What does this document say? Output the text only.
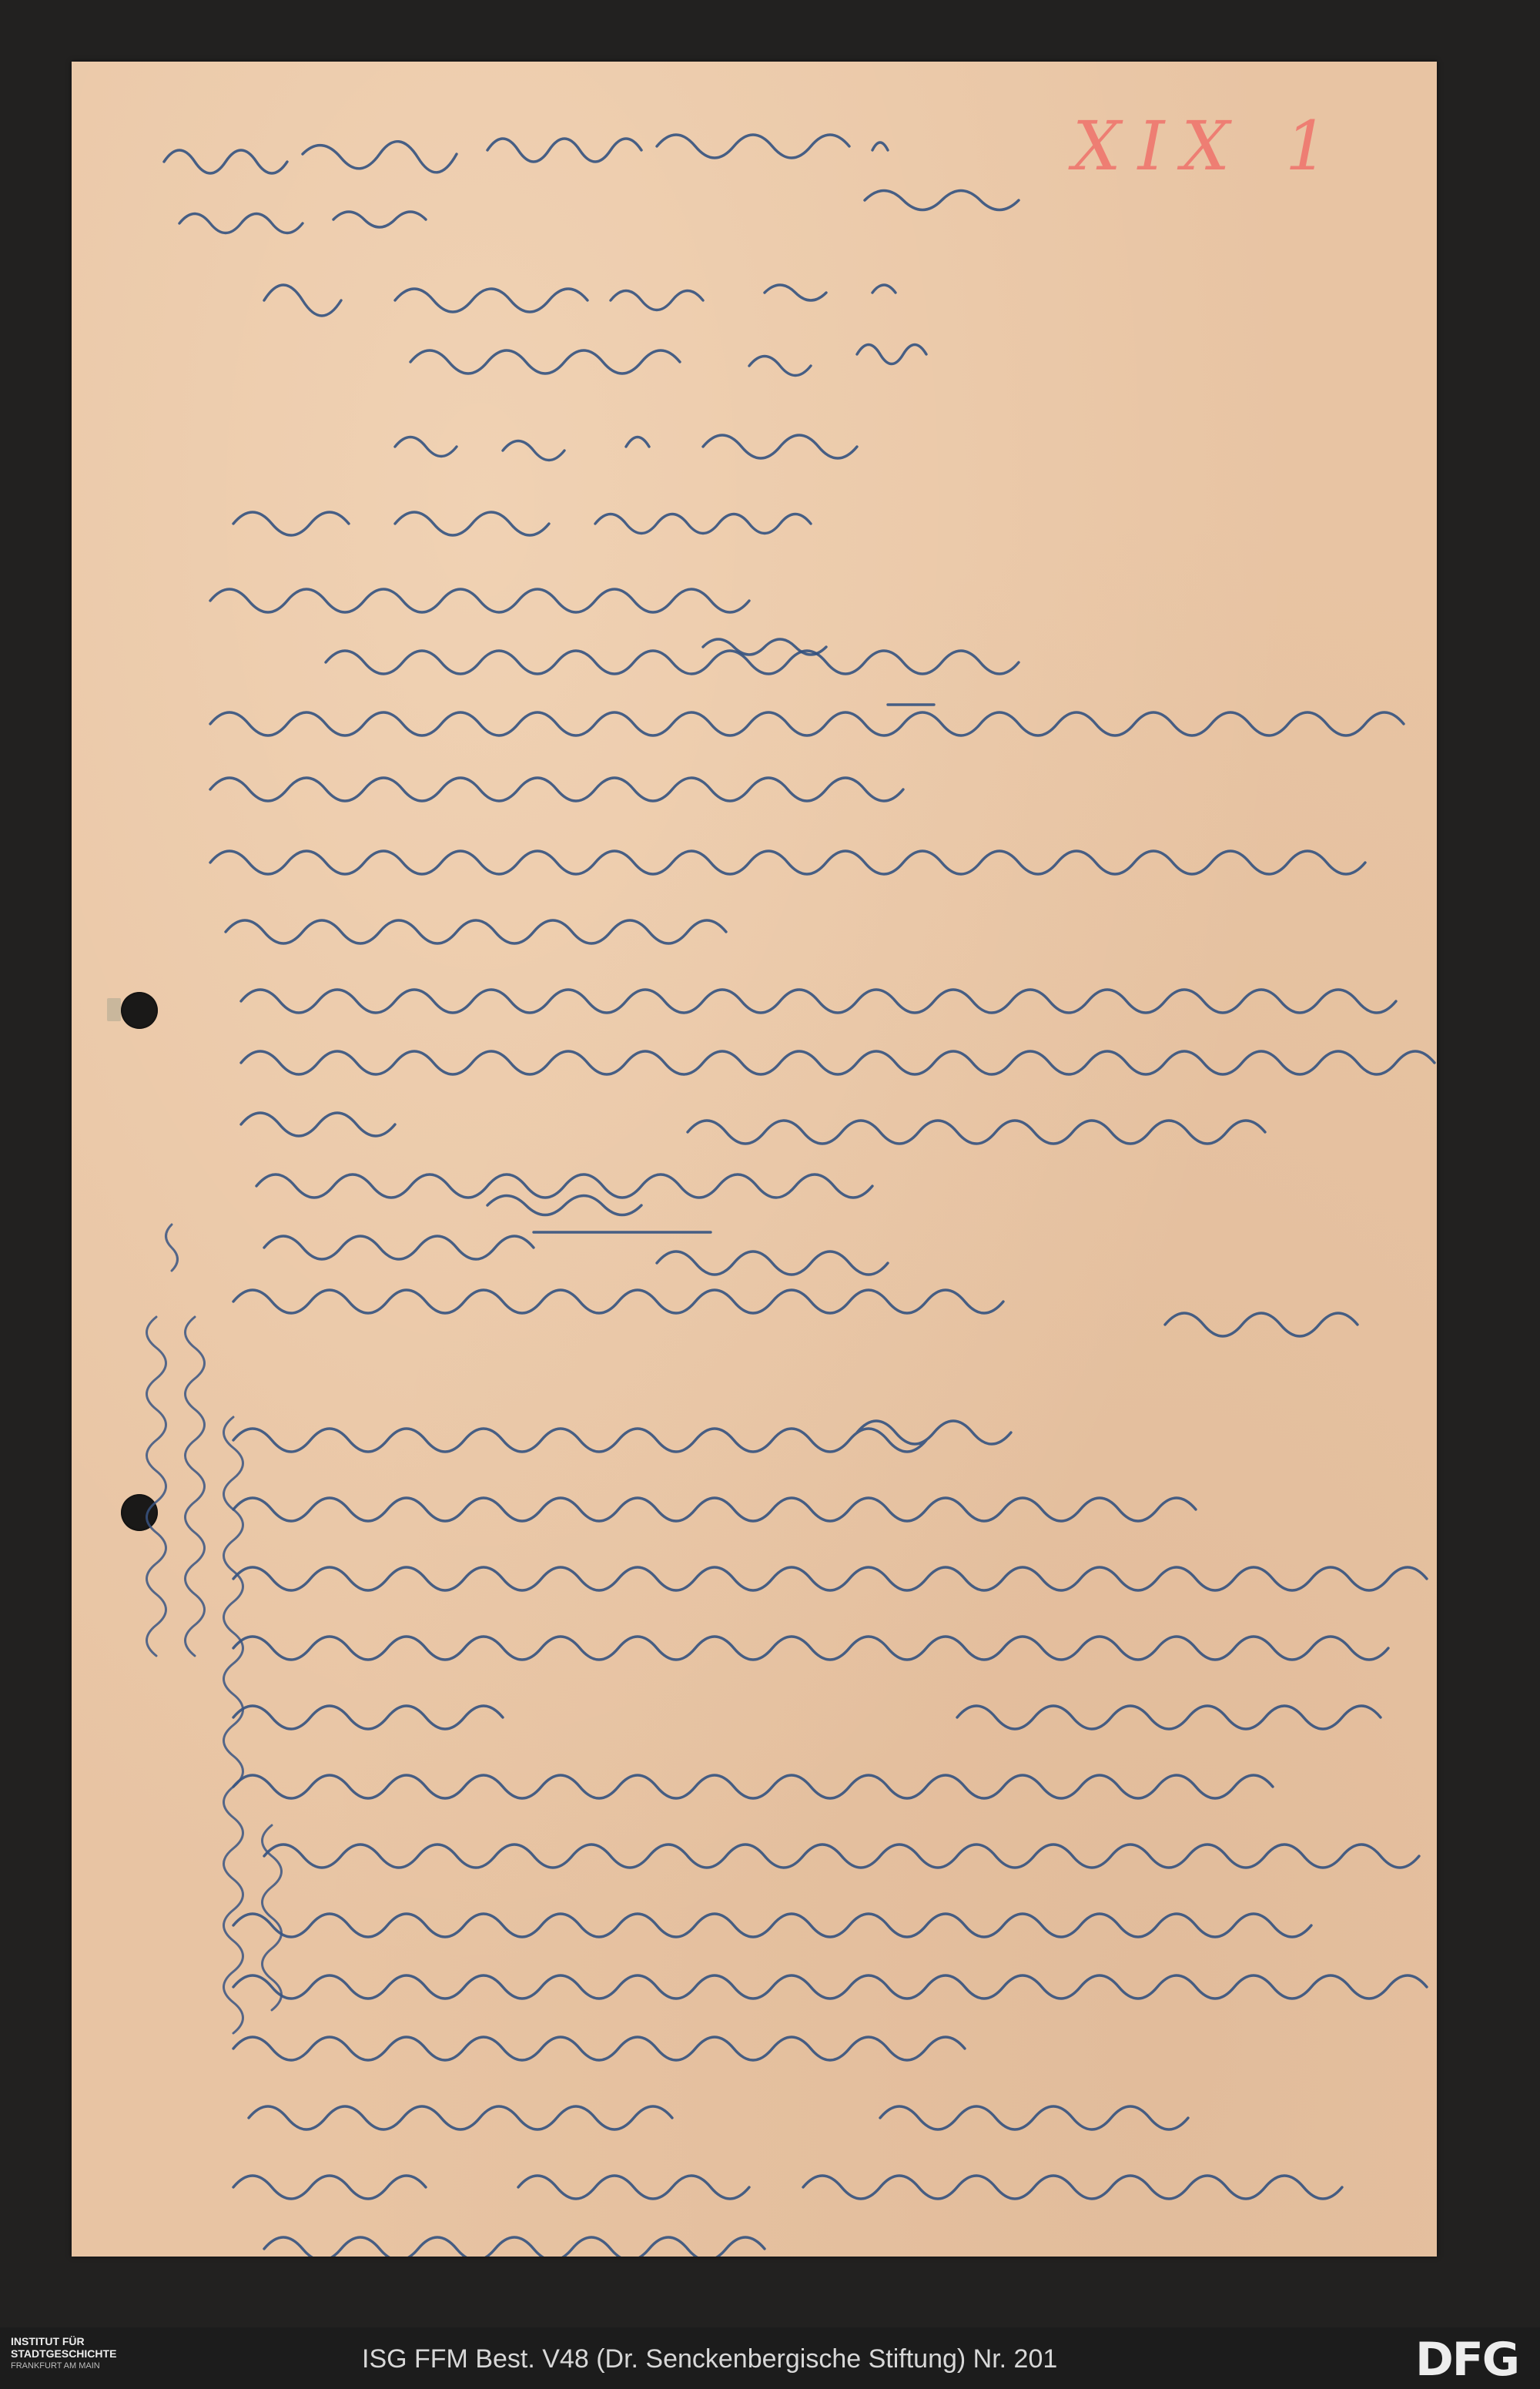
XIX 1
INSTITUT FÜR
STADTGESCHICHTE
FRANKFURT AM MAIN	ISG FFM Best. V48 (Dr. Senckenbergische Stiftung) Nr. 201	DFG
